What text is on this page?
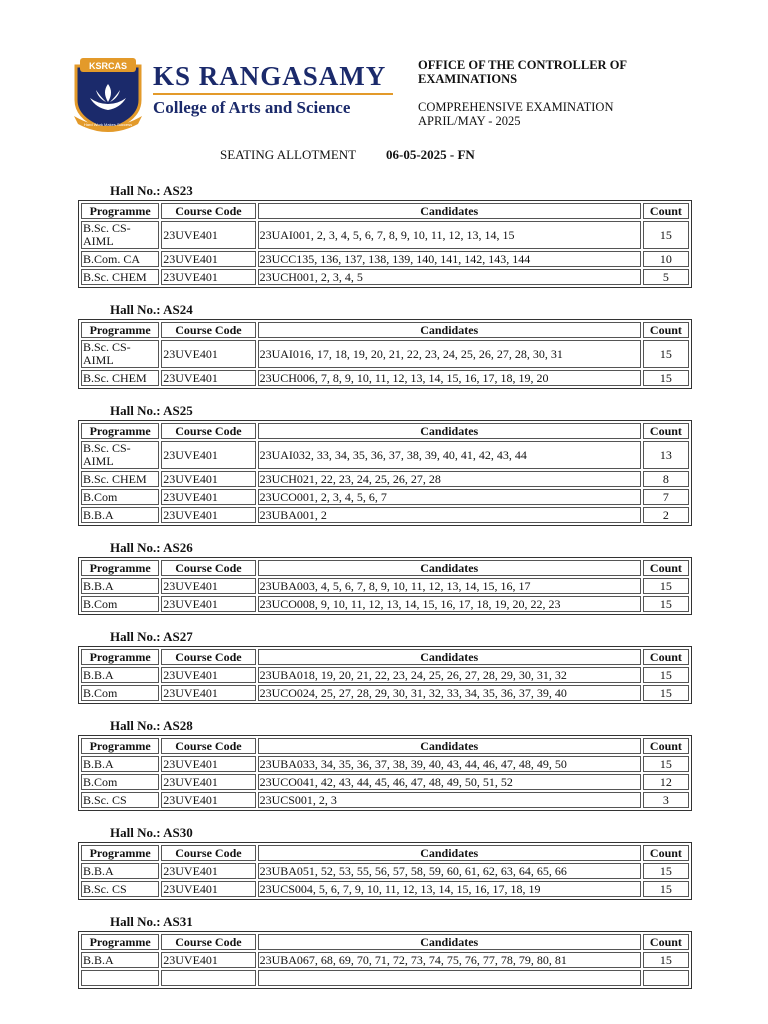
KSRCAS
Hard Work Makes Success
KS RANGASAMY
College of Arts and Science
OFFICE OF THE CONTROLLER OF EXAMINATIONS
COMPREHENSIVE EXAMINATION
APRIL/MAY - 2025
SEATING ALLOTMENT 06-05-2025 - FN
Hall No.: AS23
Programme	Course Code	Candidates	Count
B.Sc. CS-AIML	23UVE401	23UAI001, 2, 3, 4, 5, 6, 7, 8, 9, 10, 11, 12, 13, 14, 15	15
B.Com. CA	23UVE401	23UCC135, 136, 137, 138, 139, 140, 141, 142, 143, 144	10
B.Sc. CHEM	23UVE401	23UCH001, 2, 3, 4, 5	5
Hall No.: AS24
Programme	Course Code	Candidates	Count
B.Sc. CS-AIML	23UVE401	23UAI016, 17, 18, 19, 20, 21, 22, 23, 24, 25, 26, 27, 28, 30, 31	15
B.Sc. CHEM	23UVE401	23UCH006, 7, 8, 9, 10, 11, 12, 13, 14, 15, 16, 17, 18, 19, 20	15
Hall No.: AS25
Programme	Course Code	Candidates	Count
B.Sc. CS-AIML	23UVE401	23UAI032, 33, 34, 35, 36, 37, 38, 39, 40, 41, 42, 43, 44	13
B.Sc. CHEM	23UVE401	23UCH021, 22, 23, 24, 25, 26, 27, 28	8
B.Com	23UVE401	23UCO001, 2, 3, 4, 5, 6, 7	7
B.B.A	23UVE401	23UBA001, 2	2
Hall No.: AS26
Programme	Course Code	Candidates	Count
B.B.A	23UVE401	23UBA003, 4, 5, 6, 7, 8, 9, 10, 11, 12, 13, 14, 15, 16, 17	15
B.Com	23UVE401	23UCO008, 9, 10, 11, 12, 13, 14, 15, 16, 17, 18, 19, 20, 22, 23	15
Hall No.: AS27
Programme	Course Code	Candidates	Count
B.B.A	23UVE401	23UBA018, 19, 20, 21, 22, 23, 24, 25, 26, 27, 28, 29, 30, 31, 32	15
B.Com	23UVE401	23UCO024, 25, 27, 28, 29, 30, 31, 32, 33, 34, 35, 36, 37, 39, 40	15
Hall No.: AS28
Programme	Course Code	Candidates	Count
B.B.A	23UVE401	23UBA033, 34, 35, 36, 37, 38, 39, 40, 43, 44, 46, 47, 48, 49, 50	15
B.Com	23UVE401	23UCO041, 42, 43, 44, 45, 46, 47, 48, 49, 50, 51, 52	12
B.Sc. CS	23UVE401	23UCS001, 2, 3	3
Hall No.: AS30
Programme	Course Code	Candidates	Count
B.B.A	23UVE401	23UBA051, 52, 53, 55, 56, 57, 58, 59, 60, 61, 62, 63, 64, 65, 66	15
B.Sc. CS	23UVE401	23UCS004, 5, 6, 7, 9, 10, 11, 12, 13, 14, 15, 16, 17, 18, 19	15
Hall No.: AS31
Programme	Course Code	Candidates	Count
B.B.A	23UVE401	23UBA067, 68, 69, 70, 71, 72, 73, 74, 75, 76, 77, 78, 79, 80, 81	15
